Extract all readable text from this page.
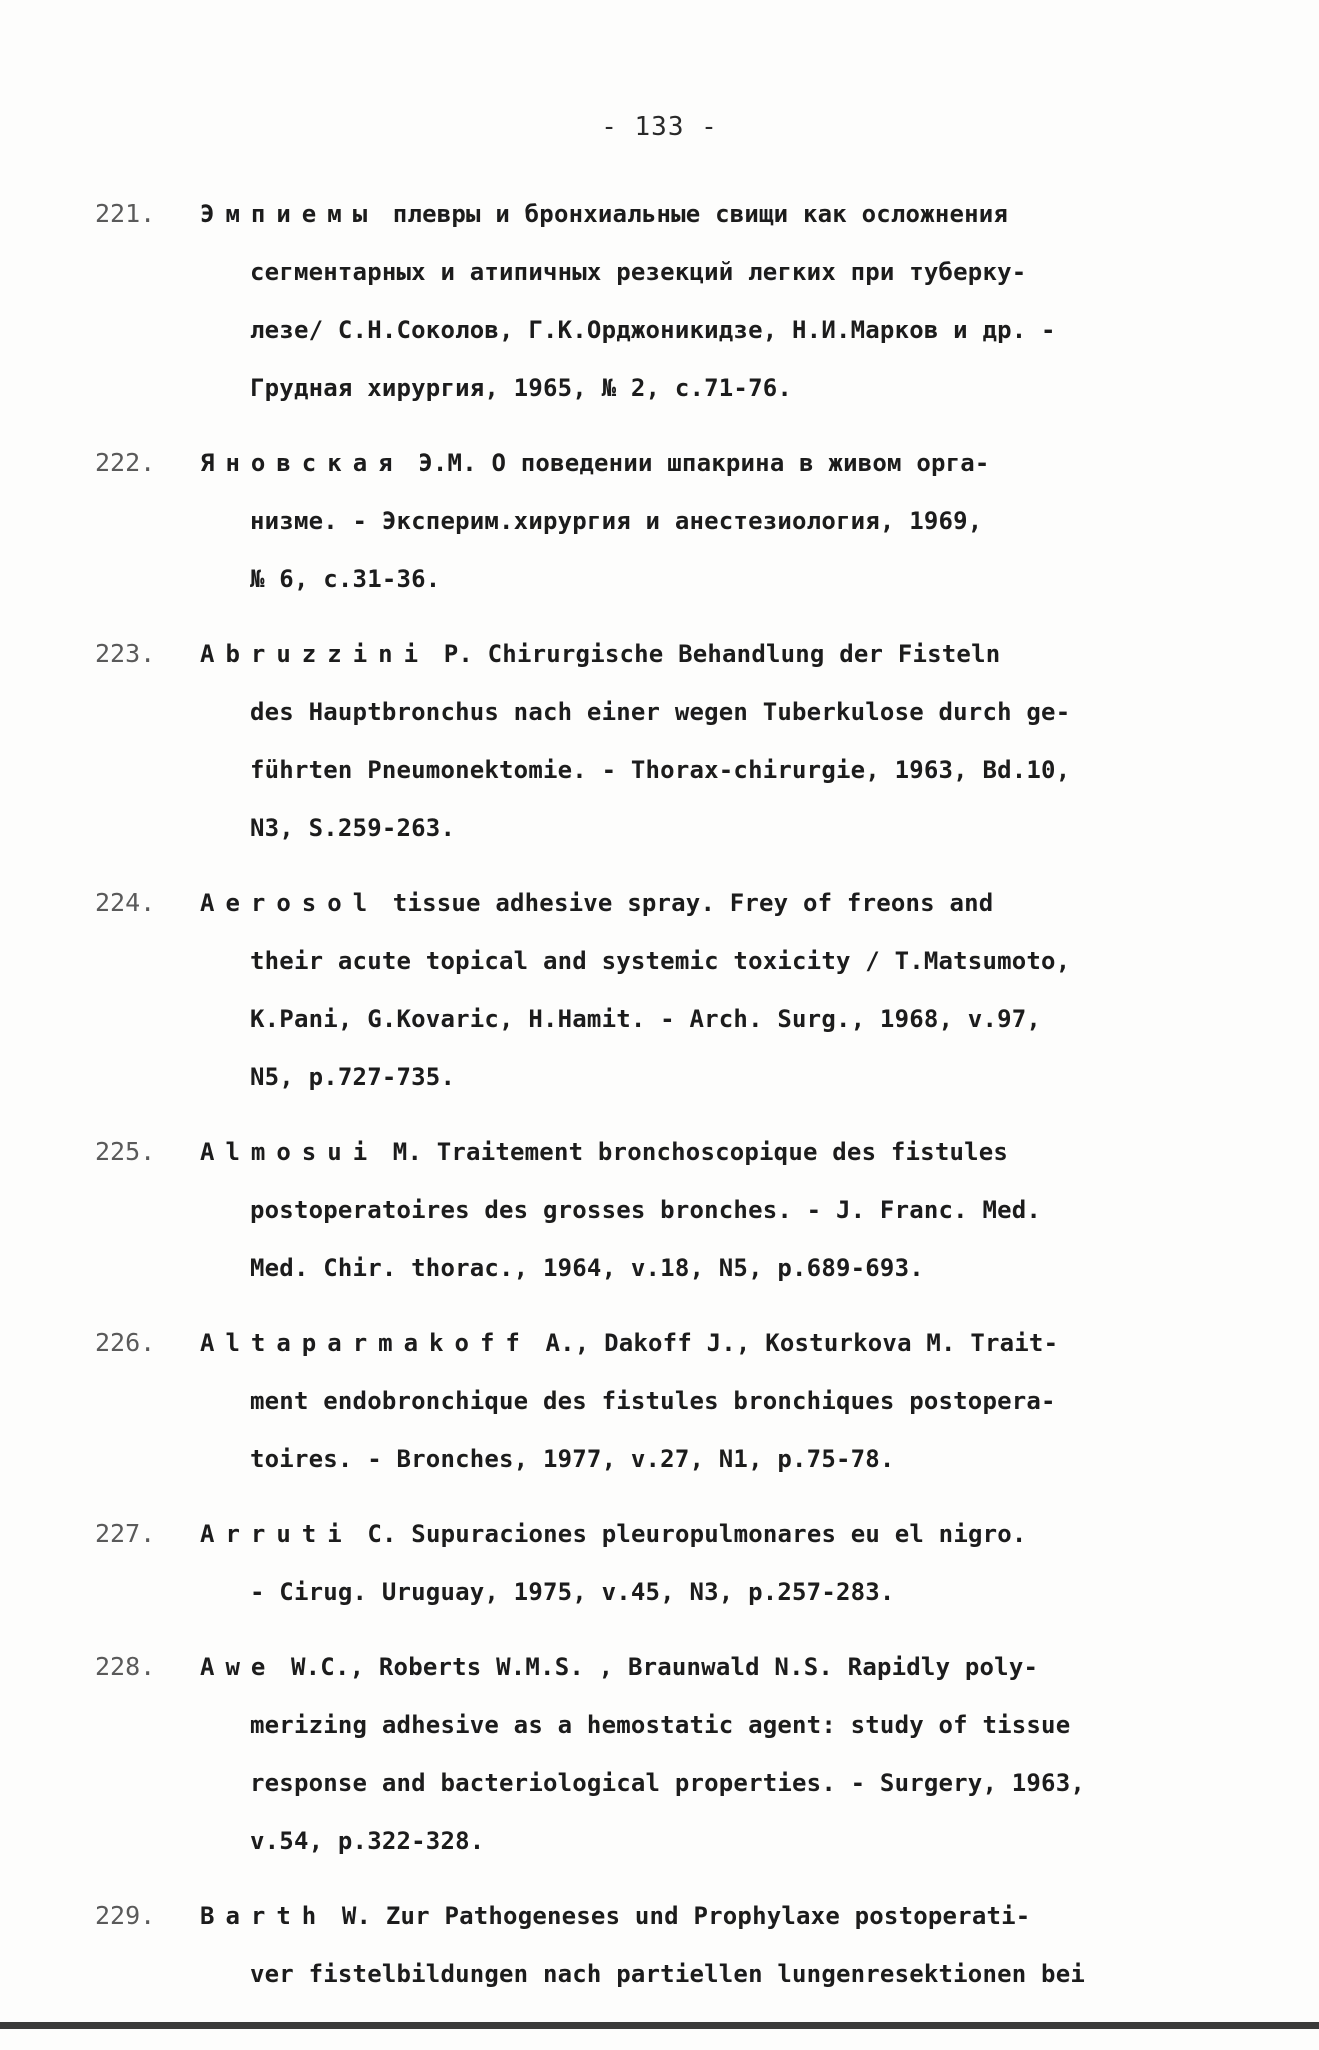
- 133 -
221. Эмпиемы плевры и бронхиальные свищи как осложнения
сегментарных и атипичных резекций легких при туберку-
лезе/ С.Н.Соколов, Г.К.Орджоникидзе, Н.И.Марков и др. -
Грудная хирургия, 1965, № 2, с.71-76.
222. Яновская Э.М. О поведении шпакрина в живом орга-
низме. - Эксперим.хирургия и анестезиология, 1969,
№ 6, с.31-36.
223. Abruzzini P. Chirurgische Behandlung der Fisteln
des Hauptbronchus nach einer wegen Tuberkulose durch ge-
führten Pneumonektomie. - Thorax-chirurgie, 1963, Bd.10,
N3, S.259-263.
224. Aerosol tissue adhesive spray. Frey of freons and
their acute topical and systemic toxicity / T.Matsumoto,
K.Pani, G.Kovaric, H.Hamit. - Arch. Surg., 1968, v.97,
N5, p.727-735.
225. Almosui M. Traitement bronchoscopique des fistules
postoperatoires des grosses bronches. - J. Franc. Med.
Med. Chir. thorac., 1964, v.18, N5, p.689-693.
226. Altaparmakoff A., Dakoff J., Kosturkova M. Trait-
ment endobronchique des fistules bronchiques postopera-
toires. - Bronches, 1977, v.27, N1, p.75-78.
227. Arruti C. Supuraciones pleuropulmonares eu el nigro.
- Cirug. Uruguay, 1975, v.45, N3, p.257-283.
228. Awe W.C., Roberts W.M.S. , Braunwald N.S. Rapidly poly-
merizing adhesive as a hemostatic agent: study of tissue
response and bacteriological properties. - Surgery, 1963,
v.54, p.322-328.
229. Barth W. Zur Pathogeneses und Prophylaxe postoperati-
ver fistelbildungen nach partiellen lungenresektionen bei
